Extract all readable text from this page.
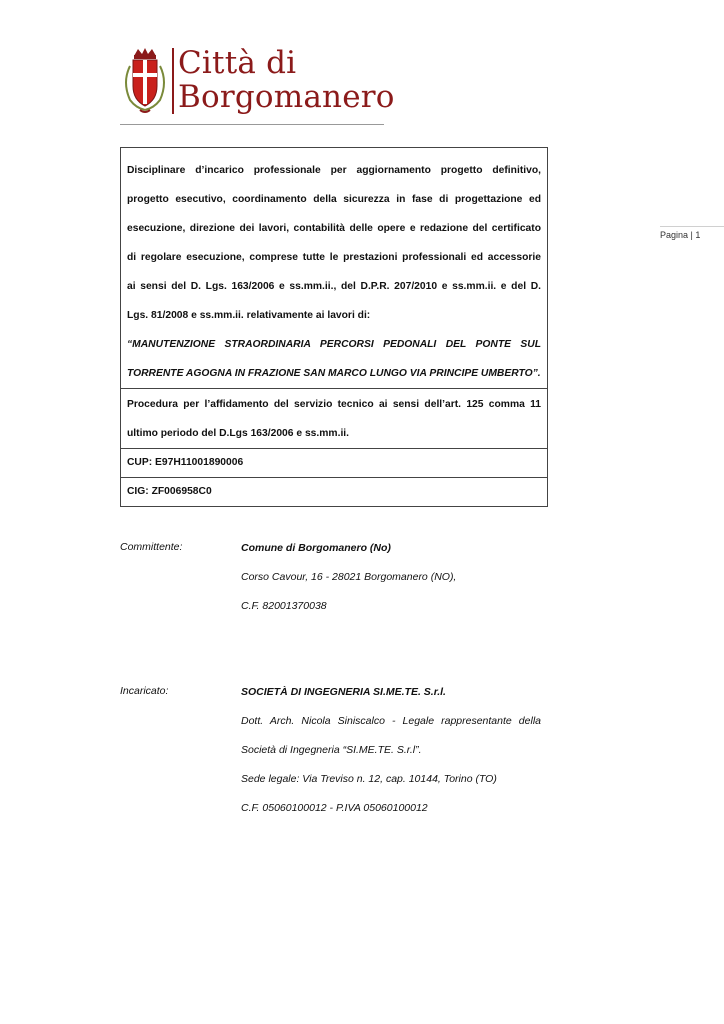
Città di
Borgomanero
Pagina | 1
Disciplinare d’incarico professionale per aggiornamento progetto definitivo,
progetto esecutivo, coordinamento della sicurezza in fase di progettazione ed
esecuzione, direzione dei lavori, contabilità delle opere e redazione del certificato
di regolare esecuzione, comprese tutte le prestazioni professionali ed accessorie
ai sensi del D. Lgs. 163/2006 e ss.mm.ii., del D.P.R. 207/2010 e ss.mm.ii. e del D.
Lgs. 81/2008 e ss.mm.ii. relativamente ai lavori di:
“MANUTENZIONE STRAORDINARIA PERCORSI PEDONALI DEL PONTE SUL
TORRENTE AGOGNA IN FRAZIONE SAN MARCO LUNGO VIA PRINCIPE UMBERTO”.
Procedura per l’affidamento del servizio tecnico ai sensi dell’art. 125 comma 11
ultimo periodo del D.Lgs 163/2006 e ss.mm.ii.
CUP: E97H11001890006
CIG: ZF006958C0
Committente:	Comune di Borgomanero (No)
Corso Cavour, 16 - 28021 Borgomanero (NO),
C.F. 82001370038
Incaricato:	SOCIETÀ DI INGEGNERIA SI.ME.TE. S.r.l.
Dott. Arch. Nicola Siniscalco - Legale rappresentante della
Società di Ingegneria “SI.ME.TE. S.r.l”.
Sede legale: Via Treviso n. 12, cap. 10144, Torino (TO)
C.F. 05060100012 - P.IVA 05060100012
